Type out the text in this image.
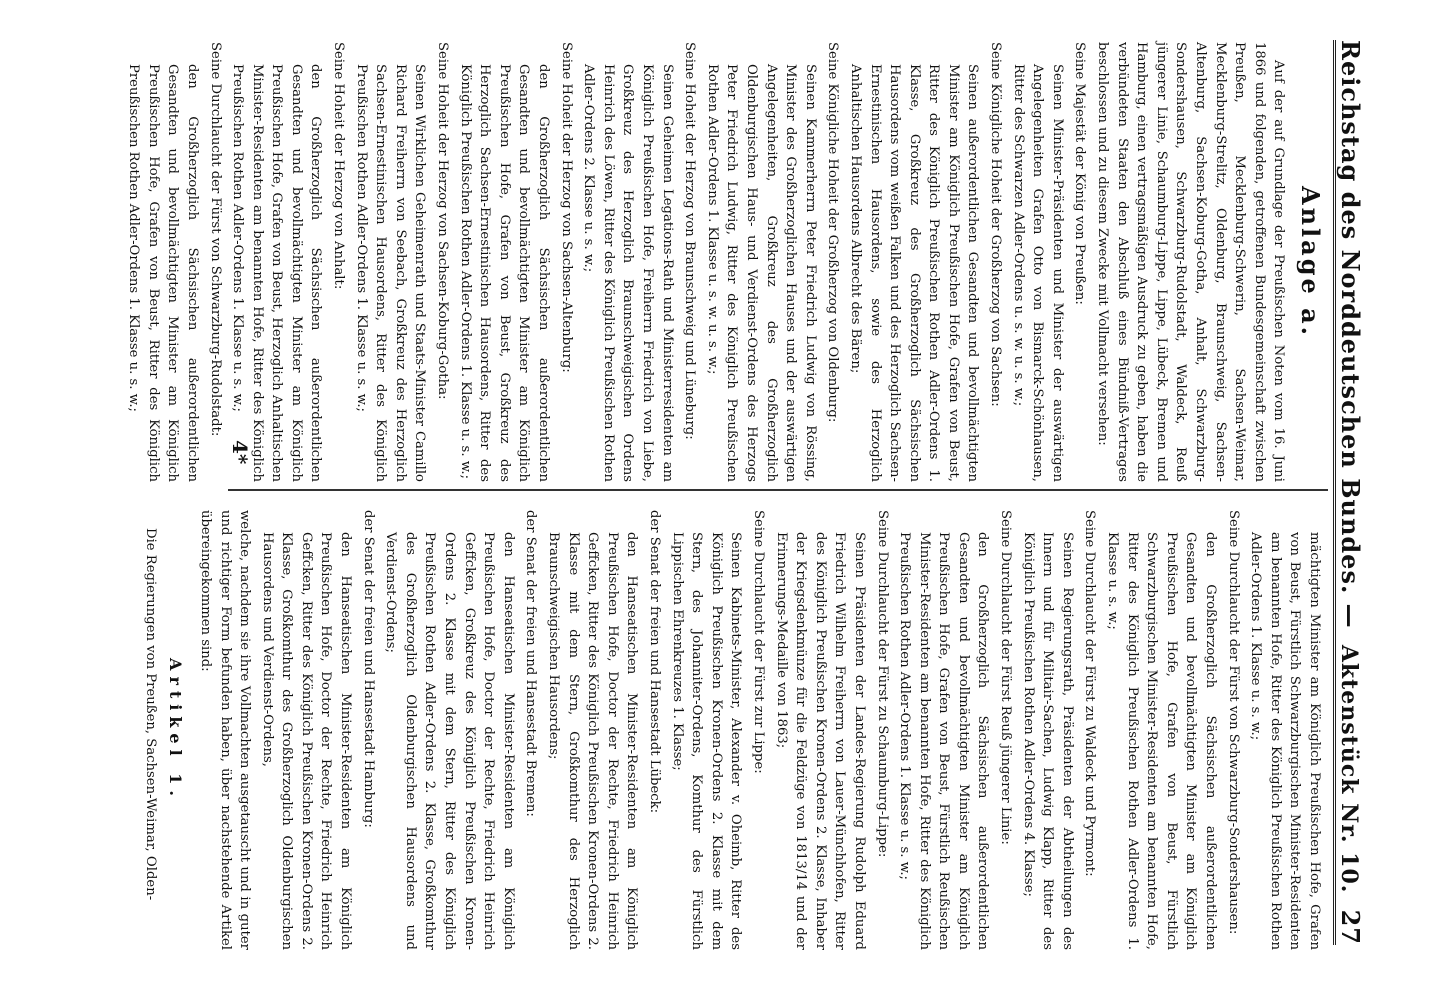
Reichstag des Norddeutschen Bundes. —
Aktenstück Nr. 10.
27
Anlage a.

Auf der auf Grundlage der Preußischen Noten vom 16. Juni 1866 und folgenden, getroffenen Bundesgemeinschaft zwischen Preußen, Mecklenburg-Schwerin, Sachsen-Weimar, Mecklenburg-Strelitz, Oldenburg, Braunschweig, Sachsen-Altenburg, Sachsen-Koburg-Gotha, Anhalt, Schwarzburg-Sondershausen, Schwarzburg-Rudolstadt, Waldeck, Reuß jüngerer Linie, Schaumburg-Lippe, Lippe, Lübeck, Bremen und Hamburg, einen vertragsmäßigen Ausdruck zu geben, haben die verbündeten Staaten den Abschluß eines Bündniß-Vertrages beschlossen und zu diesem Zwecke mit Vollmacht versehen:

Seine Majestät der König von Preußen:

Seinen Minister-Präsidenten und Minister der auswärtigen Angelegenheiten Grafen Otto von Bismarck-Schönhausen, Ritter des Schwarzen Adler-Ordens u. s. w. u. s. w.;

Seine Königliche Hoheit der Großherzog von Sachsen:

Seinen außerordentlichen Gesandten und bevollmächtigten Minister am Königlich Preußischen Hofe, Grafen von Beust, Ritter des Königlich Preußischen Rothen Adler-Ordens 1. Klasse, Großkreuz des Großherzoglich Sächsischen Hausordens vom weißen Falken und des Herzoglich Sachsen-Ernestinischen Hausordens, sowie des Herzoglich Anhaltischen Hausordens Albrecht des Bären;

Seine Königliche Hoheit der Großherzog von Oldenburg:

Seinen Kammerherrn Peter Friedrich Ludwig von Rössing, Minister des Großherzoglichen Hauses und der auswärtigen Angelegenheiten, Großkreuz des Großherzoglich Oldenburgischen Haus- und Verdienst-Ordens des Herzogs Peter Friedrich Ludwig, Ritter des Königlich Preußischen Rothen Adler-Ordens 1. Klasse u. s. w. u. s. w.;

Seine Hoheit der Herzog von Braunschweig und Lüneburg:

Seinen Geheimen Legations-Rath und Ministerresidenten am Königlich Preußischen Hofe, Freiherrn Friedrich von Liebe, Großkreuz des Herzoglich Braunschweigischen Ordens Heinrich des Löwen, Ritter des Königlich Preußischen Rothen Adler-Ordens 2. Klasse u. s. w.;

Seine Hoheit der Herzog von Sachsen-Altenburg:

den Großherzoglich Sächsischen außerordentlichen Gesandten und bevollmächtigten Minister am Königlich Preußischen Hofe, Grafen von Beust, Großkreuz des Herzoglich Sachsen-Ernestinischen Hausordens, Ritter des Königlich Preußischen Rothen Adler-Ordens 1. Klasse u. s. w.;

Seine Hoheit der Herzog von Sachsen-Koburg-Gotha:

Seinen Wirklichen Geheimenrath und Staats-Minister Camillo Richard Freiherrn von Seebach, Großkreuz des Herzoglich Sachsen-Ernestinischen Hausordens, Ritter des Königlich Preußischen Rothen Adler-Ordens 1. Klasse u. s. w.;

Seine Hoheit der Herzog von Anhalt:

den Großherzoglich Sächsischen außerordentlichen Gesandten und bevollmächtigten Minister am Königlich Preußischen Hofe, Grafen von Beust, Herzoglich Anhaltischen Minister-Residenten am benannten Hofe, Ritter des Königlich Preußischen Rothen Adler-Ordens 1. Klasse u. s. w.;

Seine Durchlaucht der Fürst von Schwarzburg-Rudolstadt:

den Großherzoglich Sächsischen außerordentlichen Gesandten und bevollmächtigten Minister am Königlich Preußischen Hofe, Grafen von Beust, Ritter des Königlich Preußischen Rothen Adler-Ordens 1. Klasse u. s. w.;

mächtigten Minister am Königlich Preußischen Hofe, Grafen von Beust, Fürstlich Schwarzburgischen Minister-Residenten am benannten Hofe, Ritter des Königlich Preußischen Rothen Adler-Ordens 1. Klasse u. s. w.;

Seine Durchlaucht der Fürst von Schwarzburg-Sondershausen:

den Großherzoglich Sächsischen außerordentlichen Gesandten und bevollmächtigten Minister am Königlich Preußischen Hofe, Grafen von Beust, Fürstlich Schwarzburgischen Minister-Residenten am benannten Hofe, Ritter des Königlich Preußischen Rothen Adler-Ordens 1. Klasse u. s. w.;

Seine Durchlaucht der Fürst zu Waldeck und Pyrmont:

Seinen Regierungsrath, Präsidenten der Abtheilungen des Innern und für Militair-Sachen, Ludwig Klapp, Ritter des Königlich Preußischen Rothen Adler-Ordens 4. Klasse;

Seine Durchlaucht der Fürst Reuß jüngerer Linie:

den Großherzoglich Sächsischen außerordentlichen Gesandten und bevollmächtigten Minister am Königlich Preußischen Hofe, Grafen von Beust, Fürstlich Reußischen Minister-Residenten am benannten Hofe, Ritter des Königlich Preußischen Rothen Adler-Ordens 1. Klasse u. s. w.;

Seine Durchlaucht der Fürst zu Schaumburg-Lippe:

Seinen Präsidenten der Landes-Regierung Rudolph Eduard Friedrich Wilhelm Freiherrn von Lauer-Münchhofen, Ritter des Königlich Preußischen Kronen-Ordens 2. Klasse, Inhaber der Kriegsdenkmünze für die Feldzüge von 1813/14 und der Erinnerungs-Medaille von 1863;

Seine Durchlaucht der Fürst zur Lippe:

Seinen Kabinets-Minister, Alexander v. Oheimb, Ritter des Königlich Preußischen Kronen-Ordens 2. Klasse mit dem Stern, des Johanniter-Ordens, Komthur des Fürstlich Lippischen Ehrenkreuzes 1. Klasse;

der Senat der freien und Hansestadt Lübeck:

den Hanseatischen Minister-Residenten am Königlich Preußischen Hofe, Doctor der Rechte, Friedrich Heinrich Geffcken, Ritter des Königlich Preußischen Kronen-Ordens 2. Klasse mit dem Stern, Großkomthur des Herzoglich Braunschweigischen Hausordens;

der Senat der freien und Hansestadt Bremen:

den Hanseatischen Minister-Residenten am Königlich Preußischen Hofe, Doctor der Rechte, Friedrich Heinrich Geffcken, Großkreuz des Königlich Preußischen Kronen-Ordens 2. Klasse mit dem Stern, Ritter des Königlich Preußischen Rothen Adler-Ordens 2. Klasse, Großkomthur des Großherzoglich Oldenburgischen Hausordens und Verdienst-Ordens;

der Senat der freien und Hansestadt Hamburg:

den Hanseatischen Minister-Residenten am Königlich Preußischen Hofe, Doctor der Rechte, Friedrich Heinrich Geffcken, Ritter des Königlich Preußischen Kronen-Ordens 2. Klasse, Großkomthur des Großherzoglich Oldenburgischen Hausordens und Verdienst-Ordens,

welche, nachdem sie ihre Vollmachten ausgetauscht und in guter und richtiger Form befunden haben, über nachstehende Artikel übereingekommen sind:

Artikel 1.

Die Regierungen von Preußen, Sachsen-Weimar, Olden-

4*
